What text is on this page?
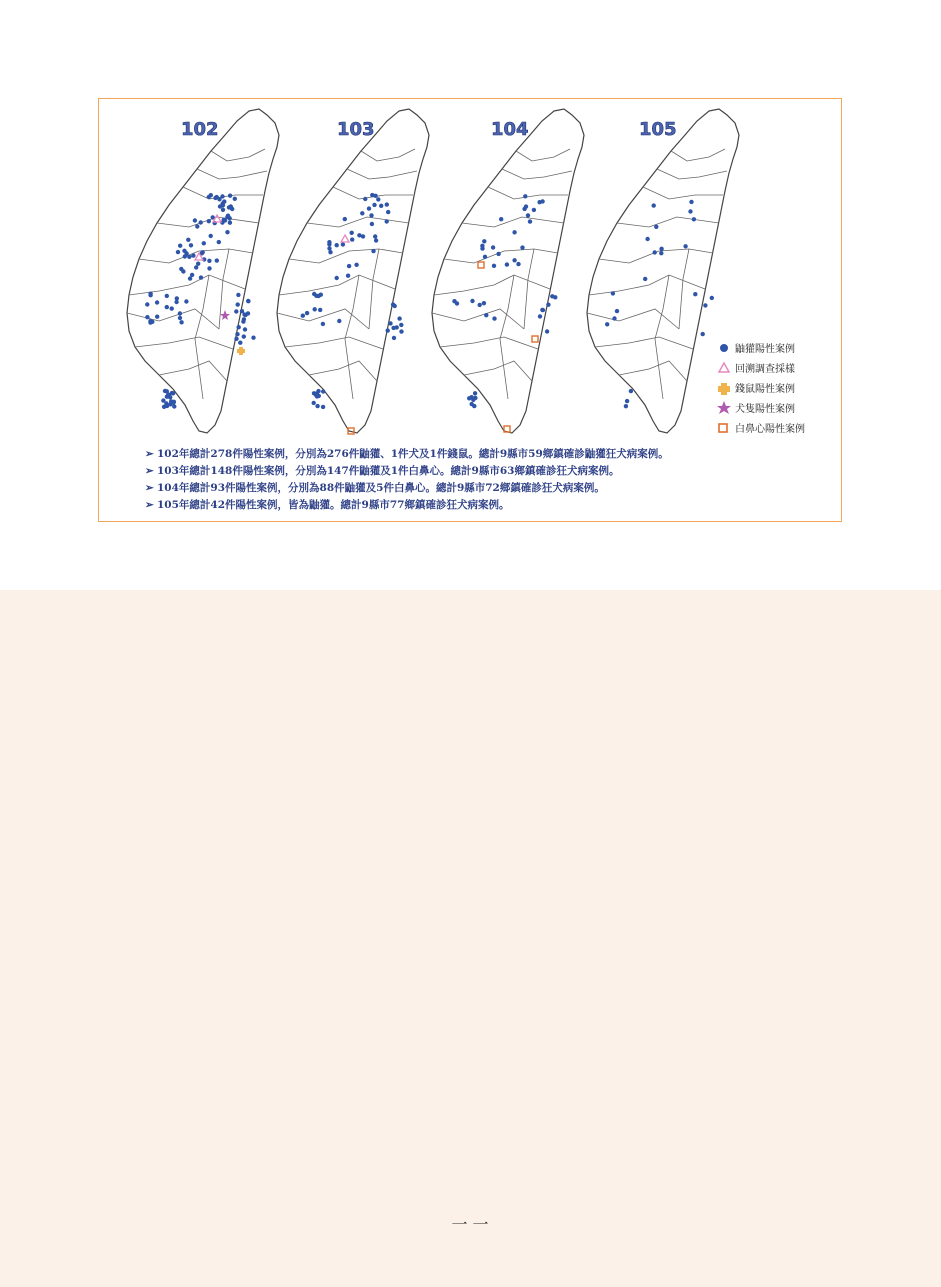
102	103	104	105
鼬獾陽性案例
回溯調查採樣
錢鼠陽性案例
犬隻陽性案例
白鼻心陽性案例
➢ 102年總計278件陽性案例，分別為276件鼬獾、1件犬及1件錢鼠。總計9縣市59鄉鎮確診鼬獾狂犬病案例。
➢ 103年總計148件陽性案例，分別為147件鼬獾及1件白鼻心。總計9縣市63鄉鎮確診狂犬病案例。
➢ 104年總計93件陽性案例，分別為88件鼬獾及5件白鼻心。總計9縣市72鄉鎮確診狂犬病案例。
➢ 105年總計42件陽性案例，皆為鼬獾。總計9縣市77鄉鎮確診狂犬病案例。
一 一
